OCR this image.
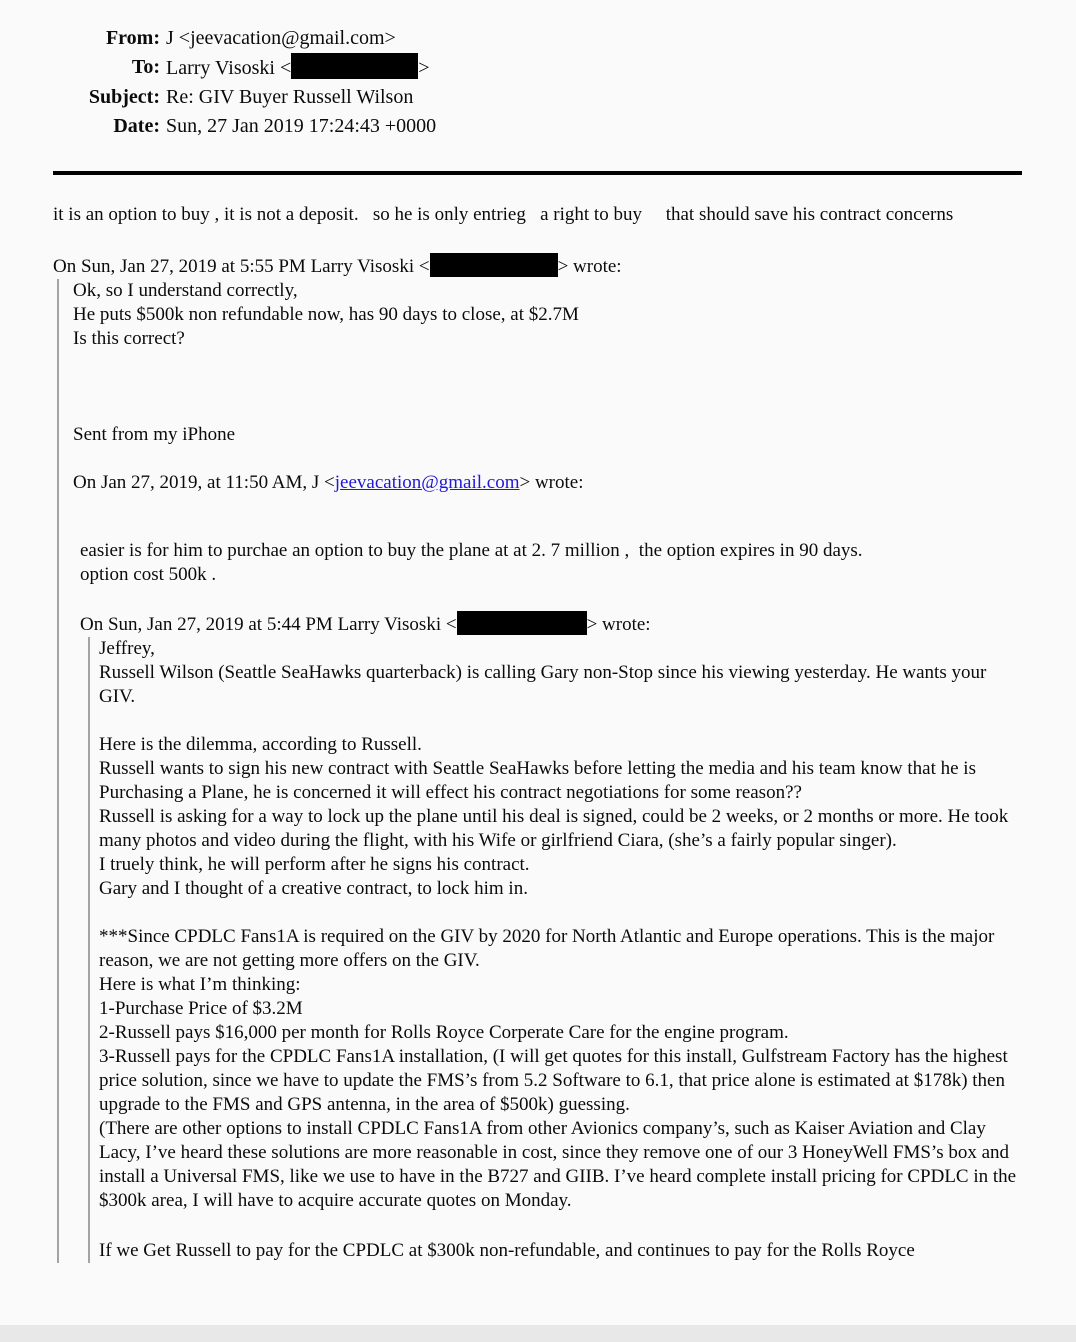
From: J <jeevacation@gmail.com>
To: Larry Visoski <	>
Subject: Re: GIV Buyer Russell Wilson
Date: Sun, 27 Jan 2019 17:24:43 +0000

it is an option to buy , it is not a deposit.   so he is only entrieg   a right to buy     that should save his contract concerns

On Sun, Jan 27, 2019 at 5:55 PM Larry Visoski <	> wrote:

Ok, so I understand correctly,
He puts $500k non refundable now, has 90 days to close, at $2.7M
Is this correct?

Sent from my iPhone

On Jan 27, 2019, at 11:50 AM, J <jeevacation@gmail.com> wrote:

easier is for him to purchae an option to buy the plane at at 2. 7 million ,  the option expires in 90 days.
option cost 500k .

On Sun, Jan 27, 2019 at 5:44 PM Larry Visoski <	> wrote:

Jeffrey,
Russell Wilson (Seattle SeaHawks quarterback) is calling Gary non-Stop since his viewing yesterday. He wants your GIV.

Here is the dilemma, according to Russell.
Russell wants to sign his new contract with Seattle SeaHawks before letting the media and his team know that he is Purchasing a Plane, he is concerned it will effect his contract negotiations for some reason??
Russell is asking for a way to lock up the plane until his deal is signed, could be 2 weeks, or 2 months or more. He took many photos and video during the flight, with his Wife or girlfriend Ciara, (she’s a fairly popular singer).
I truely think, he will perform after he signs his contract.
Gary and I thought of a creative contract, to lock him in.

***Since CPDLC Fans1A is required on the GIV by 2020 for North Atlantic and Europe operations. This is the major reason, we are not getting more offers on the GIV.
Here is what I’m thinking:
1-Purchase Price of $3.2M
2-Russell pays $16,000 per month for Rolls Royce Corperate Care for the engine program.
3-Russell pays for the CPDLC Fans1A installation, (I will get quotes for this install, Gulfstream Factory has the highest price solution, since we have to update the FMS’s from 5.2 Software to 6.1, that price alone is estimated at $178k) then upgrade to the FMS and GPS antenna, in the area of $500k) guessing.
(There are other options to install CPDLC Fans1A from other Avionics company’s, such as Kaiser Aviation and Clay Lacy, I’ve heard these solutions are more reasonable in cost, since they remove one of our 3 HoneyWell FMS’s box and install a Universal FMS, like we use to have in the B727 and GIIB. I’ve heard complete install pricing for CPDLC in the $300k area, I will have to acquire accurate quotes on Monday.

If we Get Russell to pay for the CPDLC at $300k non-refundable, and continues to pay for the Rolls Royce
